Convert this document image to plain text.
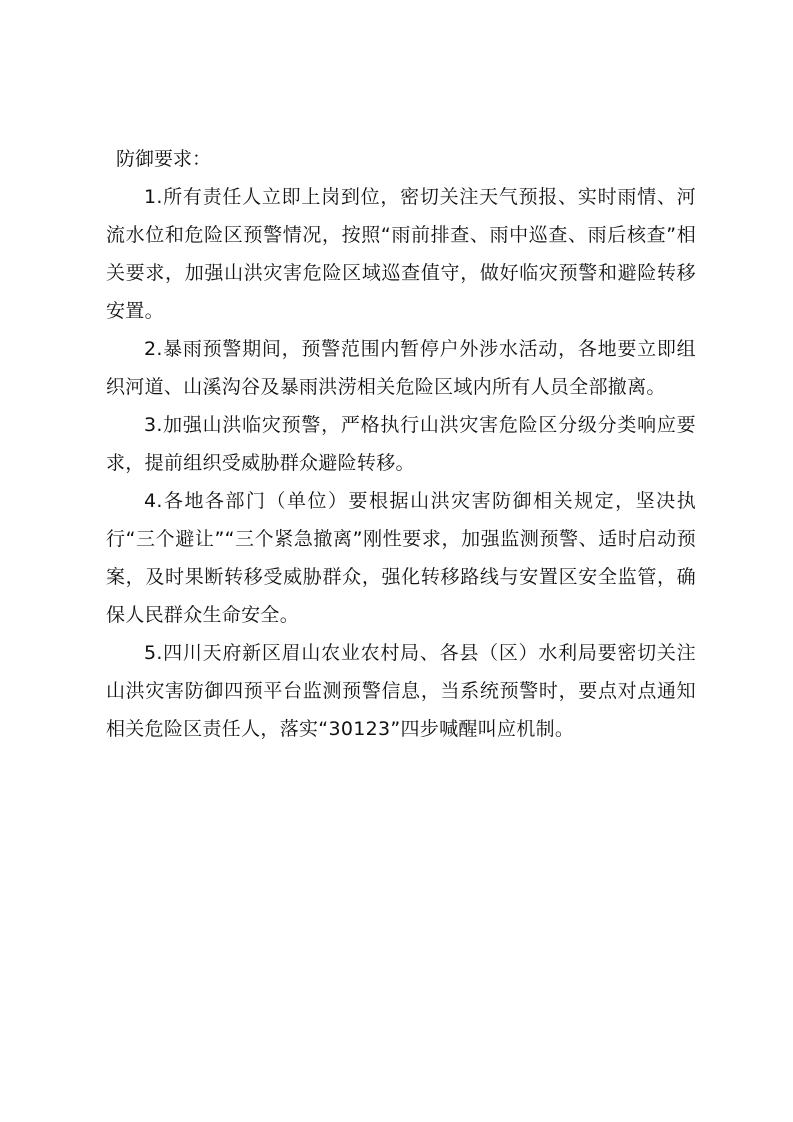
防御要求：

1.所有责任人立即上岗到位，密切关注天气预报、实时雨情、河流水位和危险区预警情况，按照“雨前排查、雨中巡查、雨后核查”相关要求，加强山洪灾害危险区域巡查值守，做好临灾预警和避险转移安置。

2.暴雨预警期间，预警范围内暂停户外涉水活动，各地要立即组织河道、山溪沟谷及暴雨洪涝相关危险区域内所有人员全部撤离。

3.加强山洪临灾预警，严格执行山洪灾害危险区分级分类响应要求，提前组织受威胁群众避险转移。

4.各地各部门（单位）要根据山洪灾害防御相关规定，坚决执行“三个避让”“三个紧急撤离”刚性要求，加强监测预警、适时启动预案，及时果断转移受威胁群众，强化转移路线与安置区安全监管，确保人民群众生命安全。

5.四川天府新区眉山农业农村局、各县（区）水利局要密切关注山洪灾害防御四预平台监测预警信息，当系统预警时，要点对点通知相关危险区责任人，落实“30123”四步喊醒叫应机制。
